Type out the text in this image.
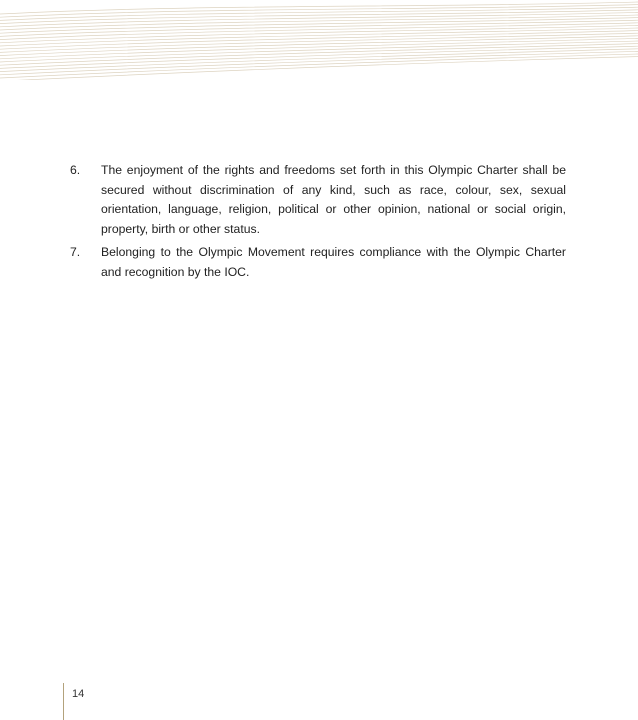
6. The enjoyment of the rights and freedoms set forth in this Olympic Charter shall be secured without discrimination of any kind, such as race, colour, sex, sexual orientation, language, religion, political or other opinion, national or social origin, property, birth or other status.
7. Belonging to the Olympic Movement requires compliance with the Olympic Charter and recognition by the IOC.
14
